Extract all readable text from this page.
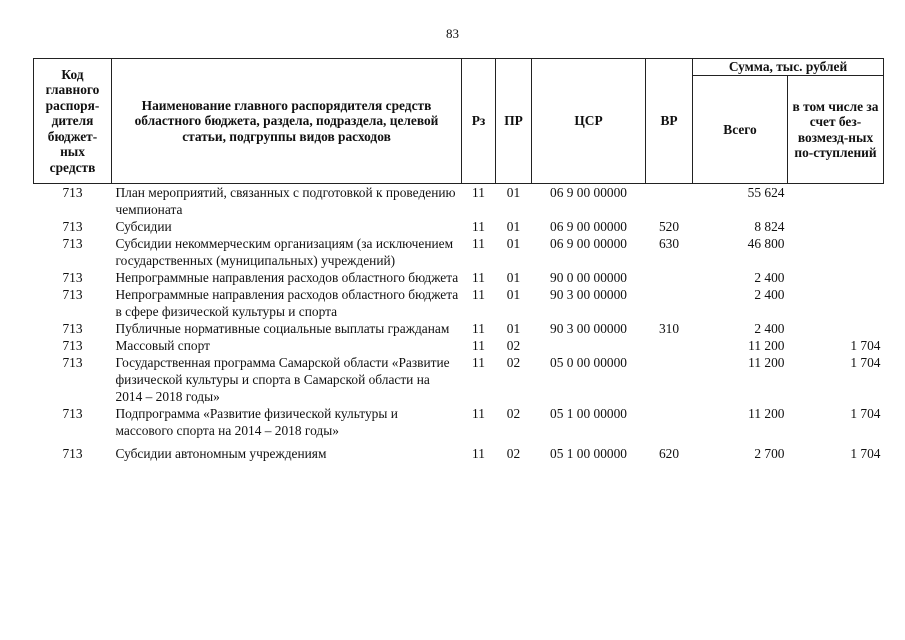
83
Код главного распоря-дителя бюджет-ных средств	Наименование главного распорядителя средств областного бюджета, раздела, подраздела, целевой статьи, подгруппы видов расходов	Рз	ПР	ЦСР	ВР	Сумма, тыс. рублей	
						Всего	в том числе за счет без-возмезд-ных по-ступлений
713	План мероприятий, связанных с подготовкой к проведению чемпионата	11	01	06 9 00 00000		55 624	
713	Субсидии	11	01	06 9 00 00000	520	8 824	
713	Субсидии некоммерческим организациям (за исключением государственных (муниципальных) учреждений)	11	01	06 9 00 00000	630	46 800	
713	Непрограммные направления расходов областного бюджета	11	01	90 0 00 00000		2 400	
713	Непрограммные направления расходов областного бюджета в сфере физической культуры и спорта	11	01	90 3 00 00000		2 400	
713	Публичные нормативные социальные выплаты гражданам	11	01	90 3 00 00000	310	2 400	
713	Массовый спорт	11	02			11 200	1 704
713	Государственная программа Самарской области «Развитие физической культуры и спорта в Самарской области на 2014 – 2018 годы»	11	02	05 0 00 00000		11 200	1 704
713	Подпрограмма «Развитие физической культуры и массового спорта на 2014 – 2018 годы»	11	02	05 1 00 00000		11 200	1 704

713	Субсидии автономным учреждениям	11	02	05 1 00 00000	620	2 700	1 704
